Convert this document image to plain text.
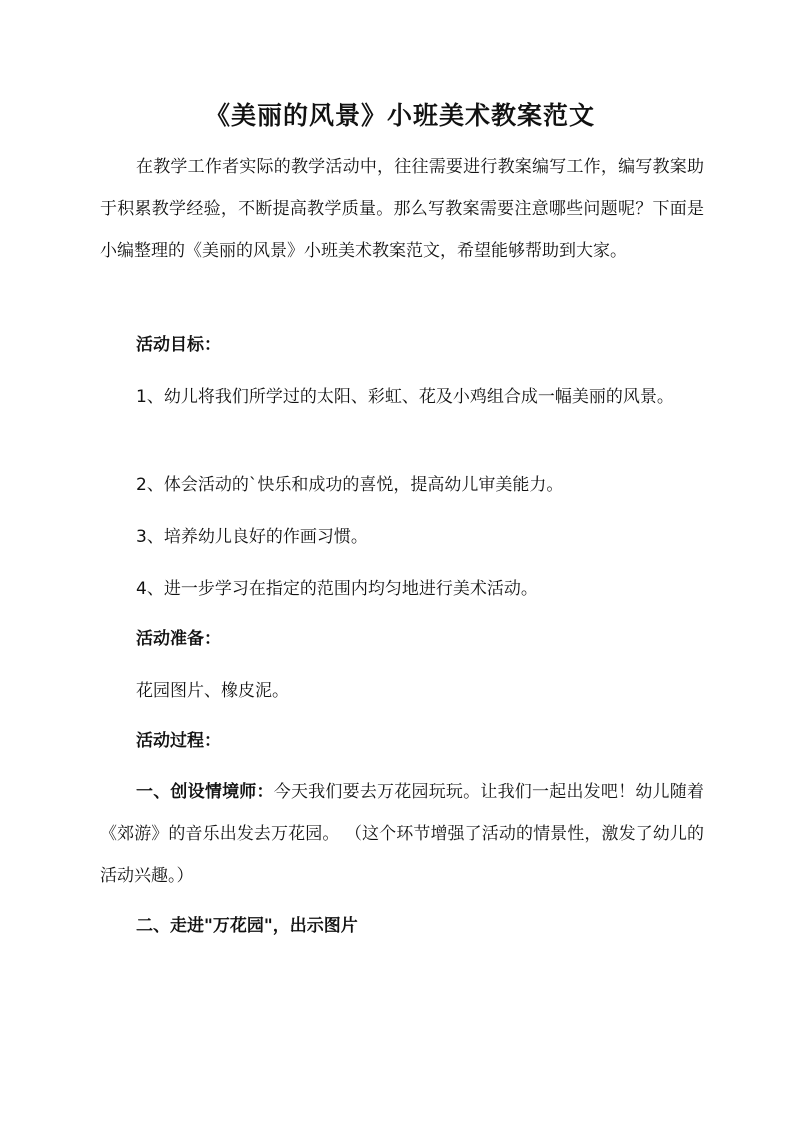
《美丽的风景》小班美术教案范文

在教学工作者实际的教学活动中，往往需要进行教案编写工作，编写教案助于积累教学经验，不断提高教学质量。那么写教案需要注意哪些问题呢？下面是小编整理的《美丽的风景》小班美术教案范文，希望能够帮助到大家。

活动目标：

1、幼儿将我们所学过的太阳、彩虹、花及小鸡组合成一幅美丽的风景。

2、体会活动的`快乐和成功的喜悦，提高幼儿审美能力。

3、培养幼儿良好的作画习惯。

4、进一步学习在指定的范围内均匀地进行美术活动。

活动准备：

花园图片、橡皮泥。

活动过程：

一、创设情境师：今天我们要去万花园玩玩。让我们一起出发吧！幼儿随着《郊游》的音乐出发去万花园。 （这个环节增强了活动的情景性，激发了幼儿的活动兴趣。）

二、走进"万花园"，出示图片
